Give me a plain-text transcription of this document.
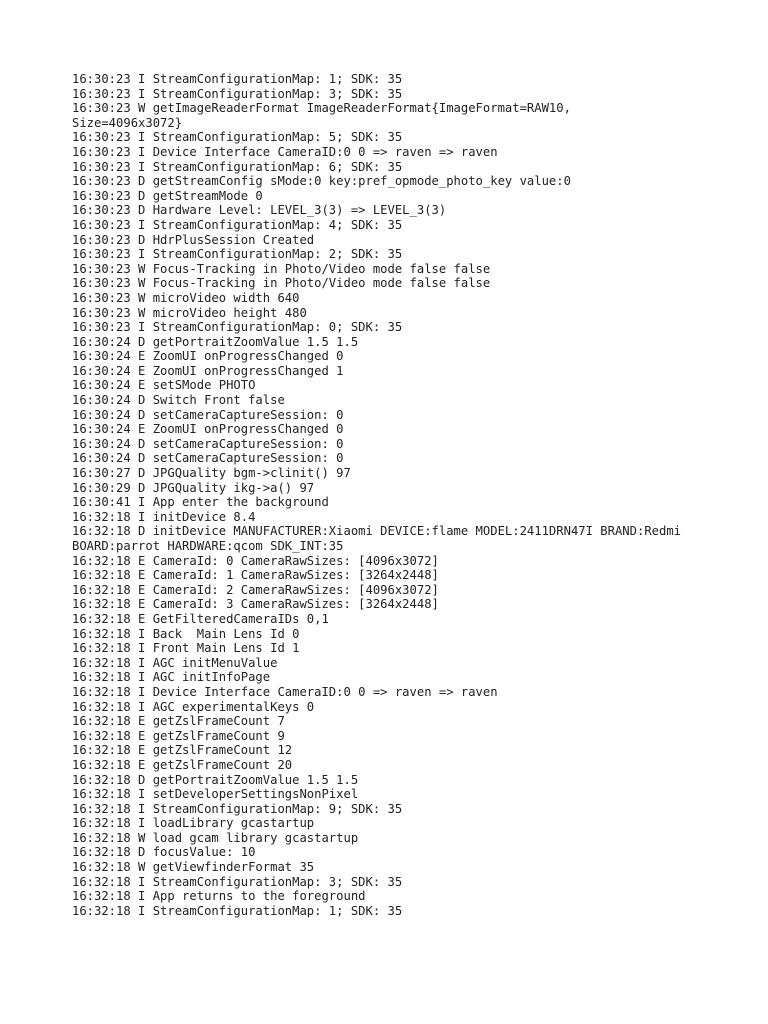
16:30:23 I StreamConfigurationMap: 1; SDK: 35
16:30:23 I StreamConfigurationMap: 3; SDK: 35
16:30:23 W getImageReaderFormat ImageReaderFormat{ImageFormat=RAW10,
Size=4096x3072}
16:30:23 I StreamConfigurationMap: 5; SDK: 35
16:30:23 I Device Interface CameraID:0 0 => raven => raven
16:30:23 I StreamConfigurationMap: 6; SDK: 35
16:30:23 D getStreamConfig sMode:0 key:pref_opmode_photo_key value:0
16:30:23 D getStreamMode 0
16:30:23 D Hardware Level: LEVEL_3(3) => LEVEL_3(3)
16:30:23 I StreamConfigurationMap: 4; SDK: 35
16:30:23 D HdrPlusSession Created
16:30:23 I StreamConfigurationMap: 2; SDK: 35
16:30:23 W Focus-Tracking in Photo/Video mode false false
16:30:23 W Focus-Tracking in Photo/Video mode false false
16:30:23 W microVideo width 640
16:30:23 W microVideo height 480
16:30:23 I StreamConfigurationMap: 0; SDK: 35
16:30:24 D getPortraitZoomValue 1.5 1.5
16:30:24 E ZoomUI onProgressChanged 0
16:30:24 E ZoomUI onProgressChanged 1
16:30:24 E setSMode PHOTO
16:30:24 D Switch Front false
16:30:24 D setCameraCaptureSession: 0
16:30:24 E ZoomUI onProgressChanged 0
16:30:24 D setCameraCaptureSession: 0
16:30:24 D setCameraCaptureSession: 0
16:30:27 D JPGQuality bgm->clinit() 97
16:30:29 D JPGQuality ikg->a() 97
16:30:41 I App enter the background
16:32:18 I initDevice 8.4
16:32:18 D initDevice MANUFACTURER:Xiaomi DEVICE:flame MODEL:2411DRN47I BRAND:Redmi
BOARD:parrot HARDWARE:qcom SDK_INT:35
16:32:18 E CameraId: 0 CameraRawSizes: [4096x3072]
16:32:18 E CameraId: 1 CameraRawSizes: [3264x2448]
16:32:18 E CameraId: 2 CameraRawSizes: [4096x3072]
16:32:18 E CameraId: 3 CameraRawSizes: [3264x2448]
16:32:18 E GetFilteredCameraIDs 0,1
16:32:18 I Back  Main Lens Id 0
16:32:18 I Front Main Lens Id 1
16:32:18 I AGC initMenuValue
16:32:18 I AGC initInfoPage
16:32:18 I Device Interface CameraID:0 0 => raven => raven
16:32:18 I AGC experimentalKeys 0
16:32:18 E getZslFrameCount 7
16:32:18 E getZslFrameCount 9
16:32:18 E getZslFrameCount 12
16:32:18 E getZslFrameCount 20
16:32:18 D getPortraitZoomValue 1.5 1.5
16:32:18 I setDeveloperSettingsNonPixel
16:32:18 I StreamConfigurationMap: 9; SDK: 35
16:32:18 I loadLibrary gcastartup
16:32:18 W load gcam library gcastartup
16:32:18 D focusValue: 10
16:32:18 W getViewfinderFormat 35
16:32:18 I StreamConfigurationMap: 3; SDK: 35
16:32:18 I App returns to the foreground
16:32:18 I StreamConfigurationMap: 1; SDK: 35
